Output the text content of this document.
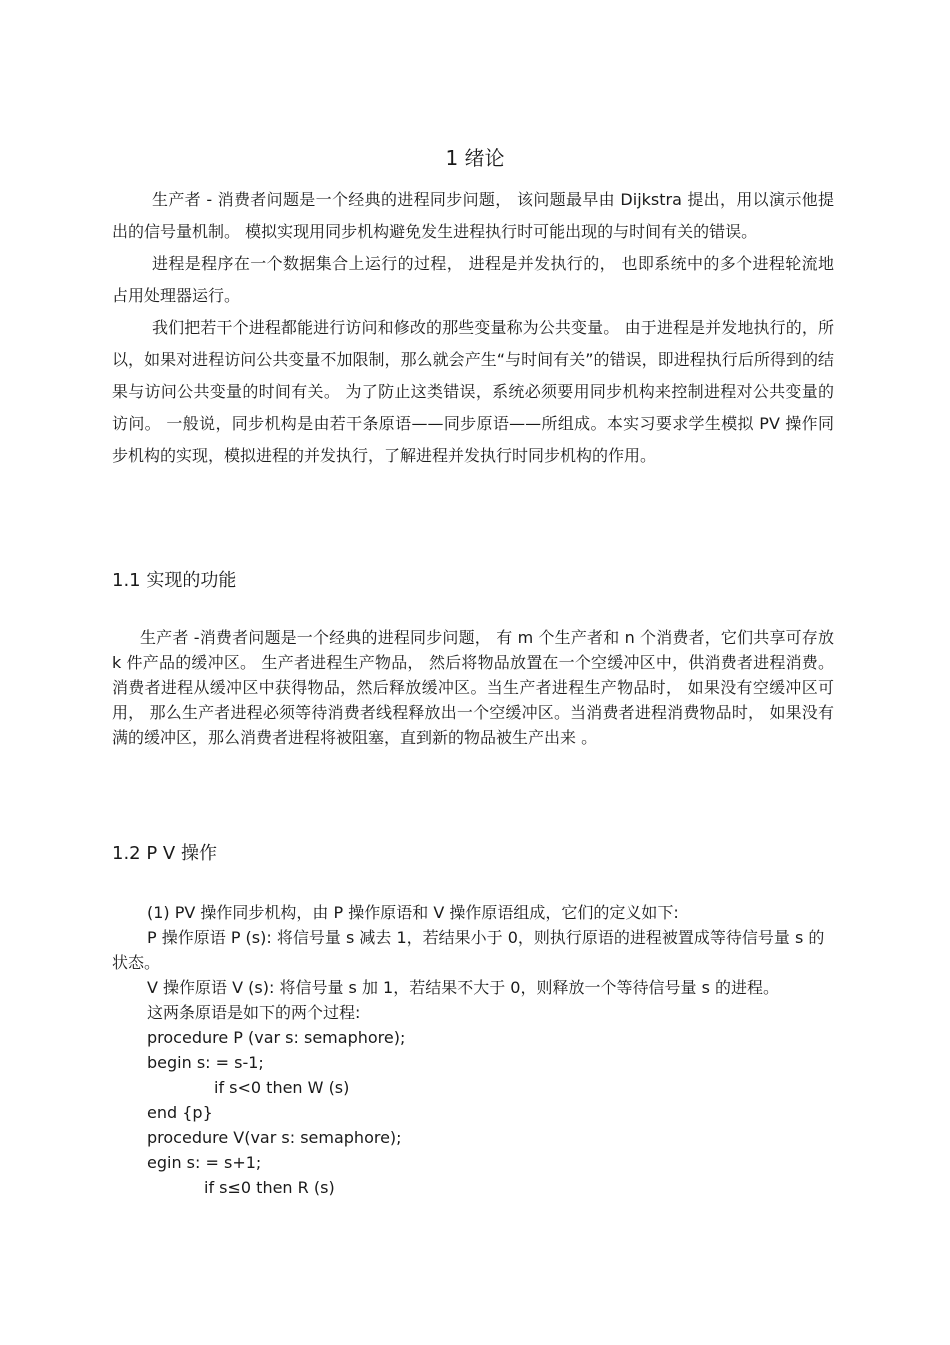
1 绪论

生产者 - 消费者问题是一个经典的进程同步问题， 该问题最早由 Dijkstra 提出，用以演示他提出的信号量机制。 模拟实现用同步机构避免发生进程执行时可能出现的与时间有关的错误。

进程是程序在一个数据集合上运行的过程， 进程是并发执行的， 也即系统中的多个进程轮流地占用处理器运行。

我们把若干个进程都能进行访问和修改的那些变量称为公共变量。 由于进程是并发地执行的，所以，如果对进程访问公共变量不加限制，那么就会产生“与时间有关”的错误，即进程执行后所得到的结果与访问公共变量的时间有关。 为了防止这类错误，系统必须要用同步机构来控制进程对公共变量的访问。 一般说，同步机构是由若干条原语——同步原语——所组成。本实习要求学生模拟 PV 操作同步机构的实现，模拟进程的并发执行，了解进程并发执行时同步机构的作用。

1.1 实现的功能

生产者 -消费者问题是一个经典的进程同步问题， 有 m 个生产者和 n 个消费者，它们共享可存放 k 件产品的缓冲区。 生产者进程生产物品， 然后将物品放置在一个空缓冲区中，供消费者进程消费。消费者进程从缓冲区中获得物品，然后释放缓冲区。当生产者进程生产物品时， 如果没有空缓冲区可用， 那么生产者进程必须等待消费者线程释放出一个空缓冲区。当消费者进程消费物品时， 如果没有满的缓冲区，那么消费者进程将被阻塞，直到新的物品被生产出来 。

1.2 P V 操作

(1) PV 操作同步机构，由 P 操作原语和 V 操作原语组成，它们的定义如下:

P 操作原语 P (s): 将信号量 s 减去 1，若结果小于 0，则执行原语的进程被置成等待信号量 s 的状态。

V 操作原语 V (s): 将信号量 s 加 1，若结果不大于 0，则释放一个等待信号量 s 的进程。

这两条原语是如下的两个过程:

procedure P (var s: semaphore);
begin s: = s-1;
if s<0 then W (s)
end {p}
procedure V(var s: semaphore);
egin s: = s+1;
if s≤0 then R (s)
